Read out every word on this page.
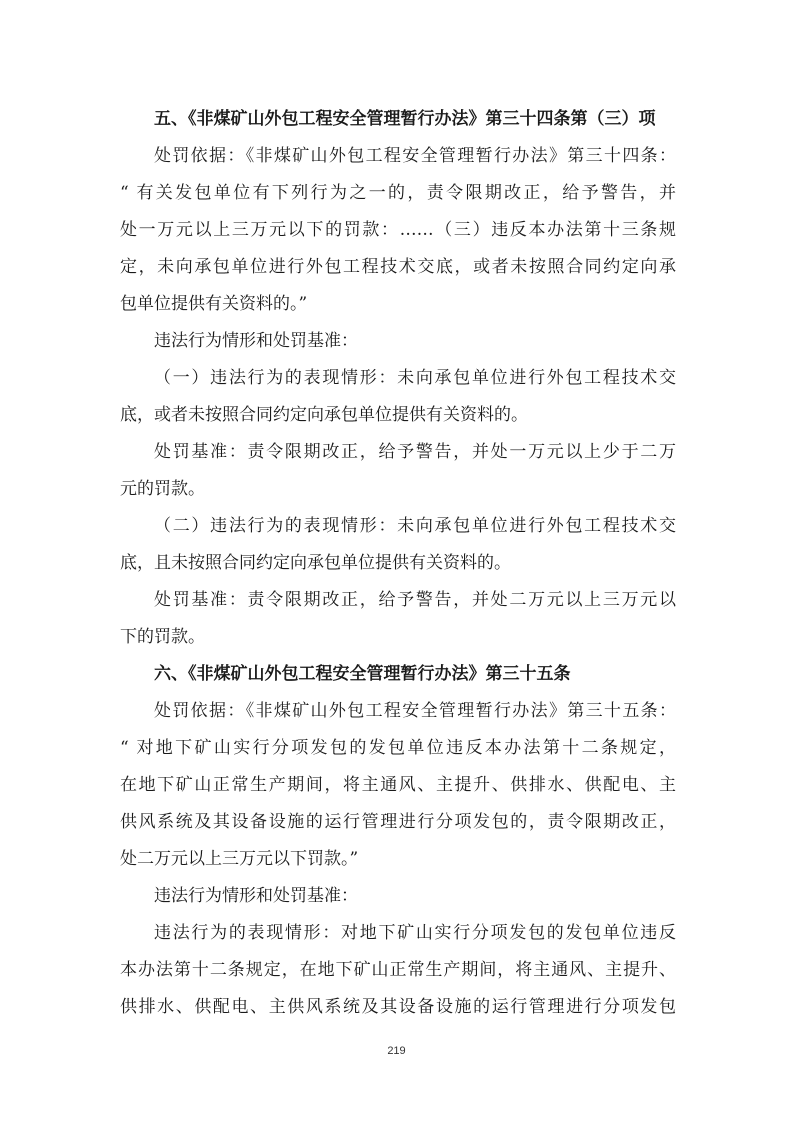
五、《非煤矿山外包工程安全管理暂行办法》第三十四条第（三）项
处罚依据：《非煤矿山外包工程安全管理暂行办法》第三十四条：
“ 有关发包单位有下列行为之一的，责令限期改正，给予警告，并
处一万元以上三万元以下的罚款：……（三）违反本办法第十三条规
定，未向承包单位进行外包工程技术交底，或者未按照合同约定向承
包单位提供有关资料的。”
违法行为情形和处罚基准：
（一）违法行为的表现情形：未向承包单位进行外包工程技术交
底，或者未按照合同约定向承包单位提供有关资料的。
处罚基准：责令限期改正，给予警告，并处一万元以上少于二万
元的罚款。
（二）违法行为的表现情形：未向承包单位进行外包工程技术交
底，且未按照合同约定向承包单位提供有关资料的。
处罚基准：责令限期改正，给予警告，并处二万元以上三万元以
下的罚款。
六、《非煤矿山外包工程安全管理暂行办法》第三十五条
处罚依据：《非煤矿山外包工程安全管理暂行办法》第三十五条：
“ 对地下矿山实行分项发包的发包单位违反本办法第十二条规定，
在地下矿山正常生产期间，将主通风、主提升、供排水、供配电、主
供风系统及其设备设施的运行管理进行分项发包的，责令限期改正，
处二万元以上三万元以下罚款。”
违法行为情形和处罚基准：
违法行为的表现情形：对地下矿山实行分项发包的发包单位违反
本办法第十二条规定，在地下矿山正常生产期间，将主通风、主提升、
供排水、供配电、主供风系统及其设备设施的运行管理进行分项发包
219
